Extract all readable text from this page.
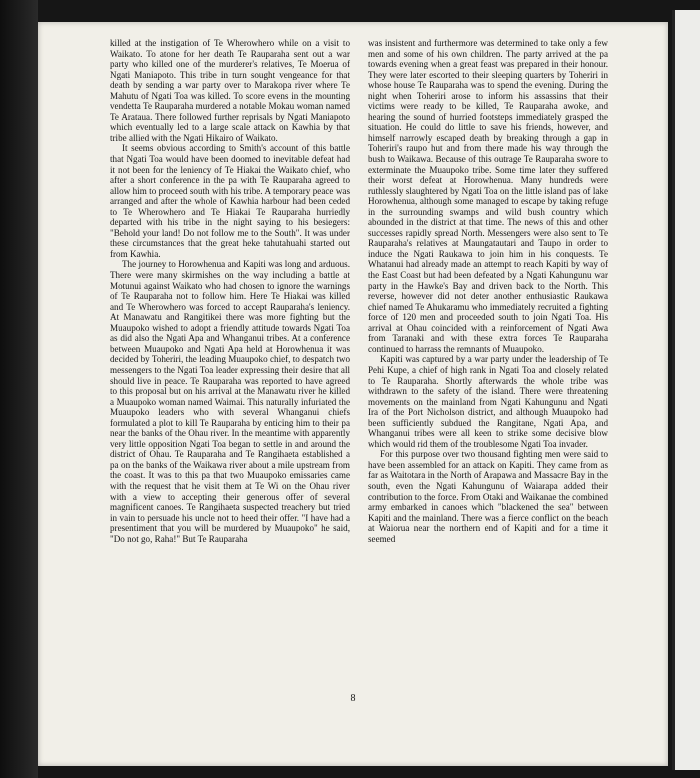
killed at the instigation of Te Wherowhero while on a visit to Waikato. To atone for her death Te Rauparaha sent out a war party who killed one of the murderer's relatives, Te Moerua of Ngati Maniapoto. This tribe in turn sought vengeance for that death by sending a war party over to Marakopa river where Te Mahutu of Ngati Toa was killed. To score evens in the mounting vendetta Te Rauparaha murdered a notable Mokau woman named Te Arataua. There followed further reprisals by Ngati Maniapoto which eventually led to a large scale attack on Kawhia by that tribe allied with the Ngati Hikairo of Waikato.

It seems obvious according to Smith's account of this battle that Ngati Toa would have been doomed to inevitable defeat had it not been for the leniency of Te Hiakai the Waikato chief, who after a short conference in the pa with Te Rauparaha agreed to allow him to proceed south with his tribe. A temporary peace was arranged and after the whole of Kawhia harbour had been ceded to Te Wherowhero and Te Hiakai Te Rauparaha hurriedly departed with his tribe in the night saying to his besiegers: "Behold your land! Do not follow me to the South". It was under these circumstances that the great heke tahutahuahi started out from Kawhia.

The journey to Horowhenua and Kapiti was long and arduous. There were many skirmishes on the way including a battle at Motunui against Waikato who had chosen to ignore the warnings of Te Rauparaha not to follow him. Here Te Hiakai was killed and Te Wherowhero was forced to accept Rauparaha's leniency. At Manawatu and Rangitikei there was more fighting but the Muaupoko wished to adopt a friendly attitude towards Ngati Toa as did also the Ngati Apa and Whanganui tribes. At a conference between Muaupoko and Ngati Apa held at Horowhenua it was decided by Toheriri, the leading Muaupoko chief, to despatch two messengers to the Ngati Toa leader expressing their desire that all should live in peace. Te Rauparaha was reported to have agreed to this proposal but on his arrival at the Manawatu river he killed a Muaupoko woman named Waimai. This naturally infuriated the Muaupoko leaders who with several Whanganui chiefs formulated a plot to kill Te Rauparaha by enticing him to their pa near the banks of the Ohau river. In the meantime with apparently very little opposition Ngati Toa began to settle in and around the district of Ohau. Te Rauparaha and Te Rangihaeta established a pa on the banks of the Waikawa river about a mile upstream from the coast. It was to this pa that two Muaupoko emissaries came with the request that he visit them at Te Wi on the Ohau river with a view to accepting their generous offer of several magnificent canoes. Te Rangihaeta suspected treachery but tried in vain to persuade his uncle not to heed their offer. "I have had a presentiment that you will be murdered by Muaupoko" he said, "Do not go, Raha!" But Te Rauparaha

was insistent and furthermore was determined to take only a few men and some of his own children. The party arrived at the pa towards evening when a great feast was prepared in their honour. They were later escorted to their sleeping quarters by Toheriri in whose house Te Rauparaha was to spend the evening. During the night when Toheriri arose to inform his assassins that their victims were ready to be killed, Te Rauparaha awoke, and hearing the sound of hurried footsteps immediately grasped the situation. He could do little to save his friends, however, and himself narrowly escaped death by breaking through a gap in Toheriri's raupo hut and from there made his way through the bush to Waikawa. Because of this outrage Te Rauparaha swore to exterminate the Muaupoko tribe. Some time later they suffered their worst defeat at Horowhenua. Many hundreds were ruthlessly slaughtered by Ngati Toa on the little island pas of lake Horowhenua, although some managed to escape by taking refuge in the surrounding swamps and wild bush country which abounded in the district at that time. The news of this and other successes rapidly spread North. Messengers were also sent to Te Rauparaha's relatives at Maungatautari and Taupo in order to induce the Ngati Raukawa to join him in his conquests. Te Whatanui had already made an attempt to reach Kapiti by way of the East Coast but had been defeated by a Ngati Kahungunu war party in the Hawke's Bay and driven back to the North. This reverse, however did not deter another enthusiastic Raukawa chief named Te Ahukaramu who immediately recruited a fighting force of 120 men and proceeded south to join Ngati Toa. His arrival at Ohau coincided with a reinforcement of Ngati Awa from Taranaki and with these extra forces Te Rauparaha continued to harrass the remnants of Muaupoko.

Kapiti was captured by a war party under the leadership of Te Pehi Kupe, a chief of high rank in Ngati Toa and closely related to Te Rauparaha. Shortly afterwards the whole tribe was withdrawn to the safety of the island. There were threatening movements on the mainland from Ngati Kahungunu and Ngati Ira of the Port Nicholson district, and although Muaupoko had been sufficiently subdued the Rangitane, Ngati Apa, and Whanganui tribes were all keen to strike some decisive blow which would rid them of the troublesome Ngati Toa invader.

For this purpose over two thousand fighting men were said to have been assembled for an attack on Kapiti. They came from as far as Waitotara in the North of Arapawa and Massacre Bay in the south, even the Ngati Kahungunu of Waiarapa added their contribution to the force. From Otaki and Waikanae the combined army embarked in canoes which "blackened the sea" between Kapiti and the mainland. There was a fierce conflict on the beach at Waiorua near the northern end of Kapiti and for a time it seemed

8
